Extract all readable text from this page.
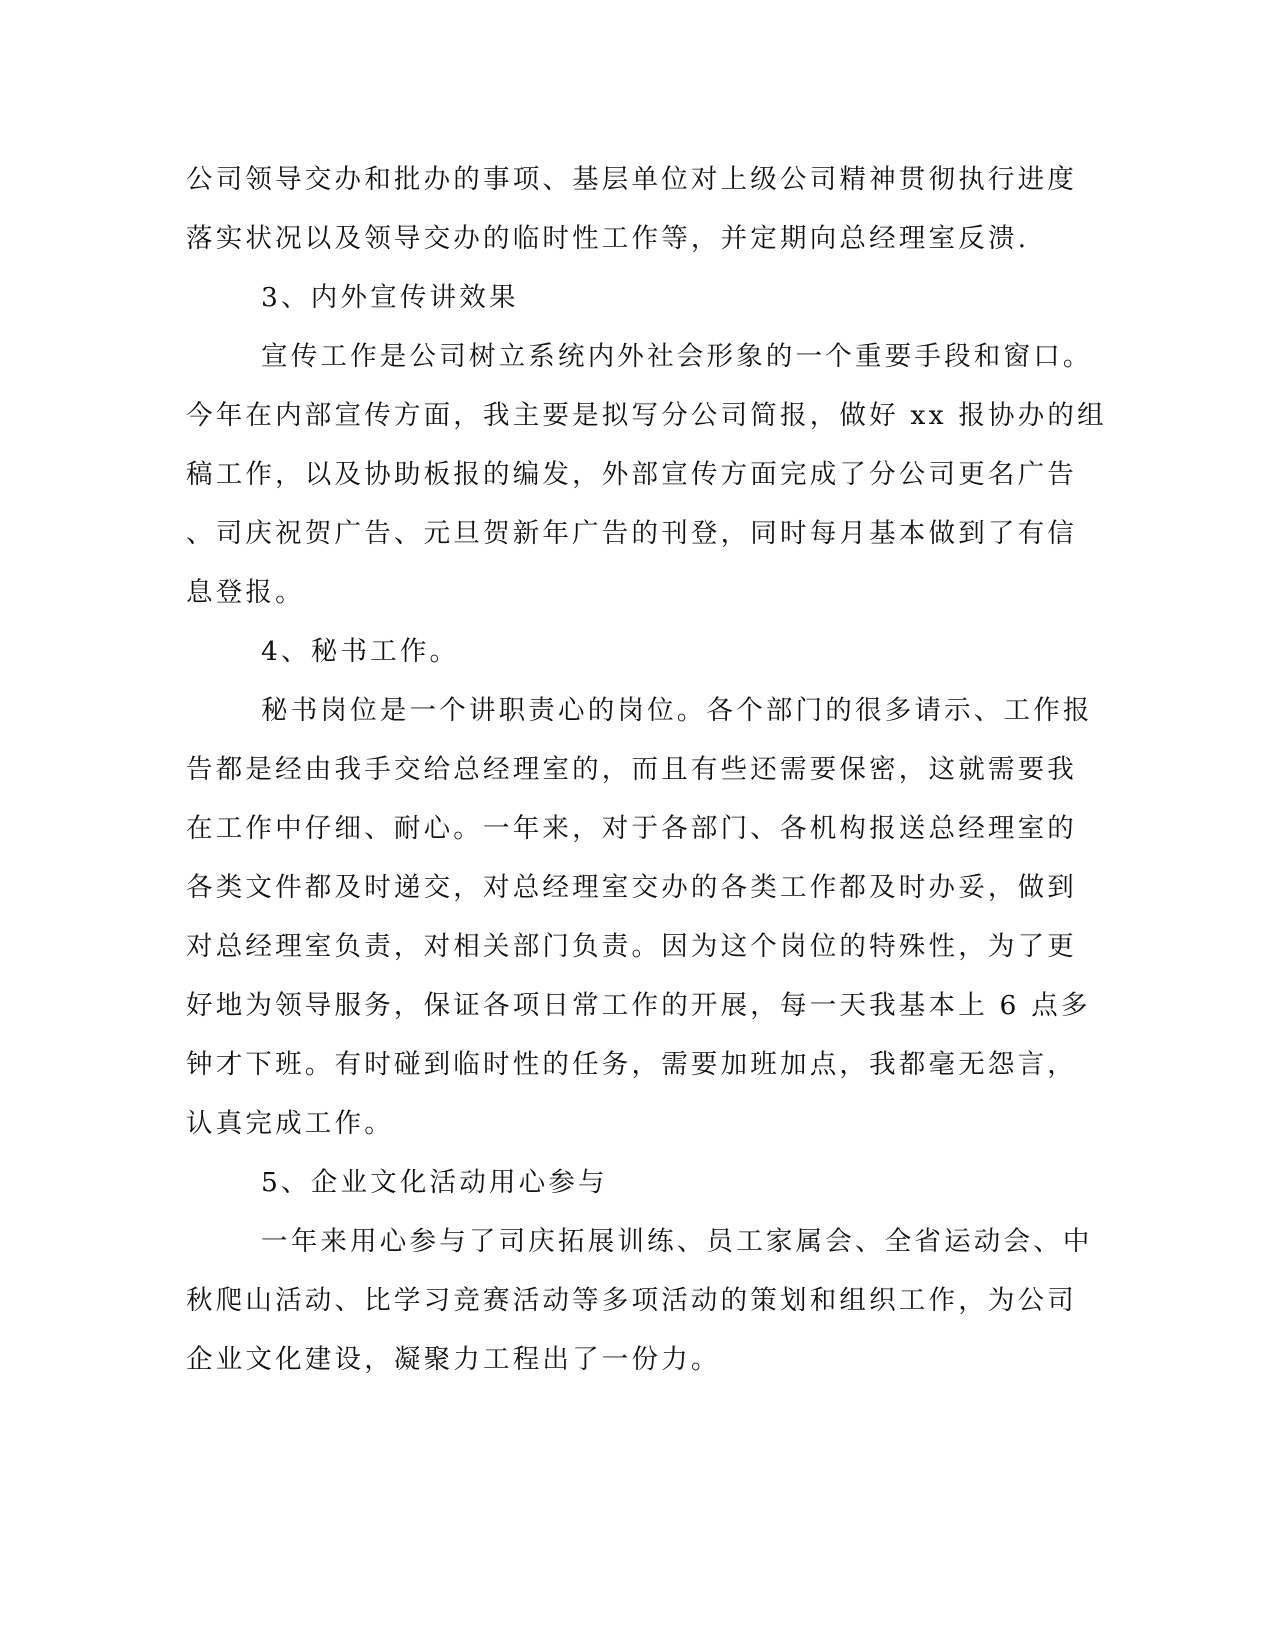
公司领导交办和批办的事项、基层单位对上级公司精神贯彻执行进度
落实状况以及领导交办的临时性工作等，并定期向总经理室反溃.
3、内外宣传讲效果
宣传工作是公司树立系统内外社会形象的一个重要手段和窗口。
今年在内部宣传方面，我主要是拟写分公司简报，做好 xx 报协办的组
稿工作，以及协助板报的编发，外部宣传方面完成了分公司更名广告
、司庆祝贺广告、元旦贺新年广告的刊登，同时每月基本做到了有信
息登报。
4、秘书工作。
秘书岗位是一个讲职责心的岗位。各个部门的很多请示、工作报
告都是经由我手交给总经理室的，而且有些还需要保密，这就需要我
在工作中仔细、耐心。一年来，对于各部门、各机构报送总经理室的
各类文件都及时递交，对总经理室交办的各类工作都及时办妥，做到
对总经理室负责，对相关部门负责。因为这个岗位的特殊性，为了更
好地为领导服务，保证各项日常工作的开展，每一天我基本上 6 点多
钟才下班。有时碰到临时性的任务，需要加班加点，我都毫无怨言，
认真完成工作。
5、企业文化活动用心参与
一年来用心参与了司庆拓展训练、员工家属会、全省运动会、中
秋爬山活动、比学习竞赛活动等多项活动的策划和组织工作，为公司
企业文化建设，凝聚力工程出了一份力。
